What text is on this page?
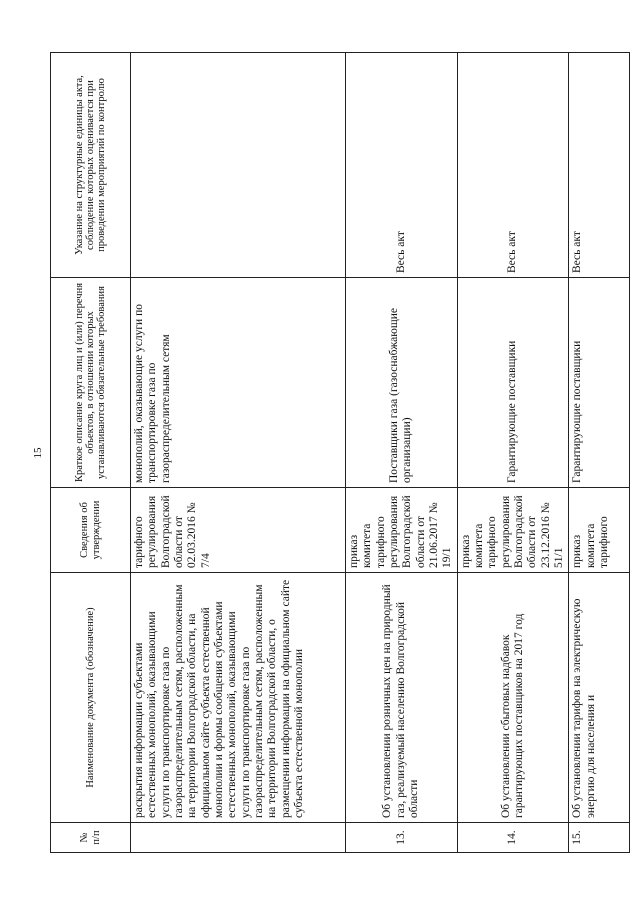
15
№ п/п	Наименование документа (обозначение)	Сведения об утверждении	Краткое описание круга лиц и (или) перечня объектов, в отношении которых устанавливаются обязательные требования	Указание на структурные единицы акта, соблюдение которых оценивается при проведении мероприятий по контролю
	раскрытия информации субъектами естественных монополий, оказывающими услуги по транспортировке газа по газораспределительным сетям, расположенным на территории Волгоградской области, на официальном сайте субъекта естественной монополии и формы сообщения субъектами естественных монополий, оказывающими услуги по транспортировке газа по газораспределительным сетям, расположенным на территории Волгоградской области, о размещении информации на официальном сайте субъекта естественной монополии	тарифного регулирования Волгоградской области от 02.03.2016 № 7/4	монополий, оказывающие услуги по транспортировке газа по газораспределительным сетям	
13.	Об установлении розничных цен на природный газ, реализуемый населению Волгоградской области	приказ комитета тарифного регулирования Волгоградской области от 21.06.2017 № 19/1	Поставщики газа (газоснабжающие организации)	Весь акт
14.	Об установлении сбытовых надбавок гарантирующих поставщиков на 2017 год	приказ комитета тарифного регулирования Волгоградской области от 23.12.2016 № 51/1	Гарантирующие поставщики	Весь акт
15.	Об установлении тарифов на электрическую энергию для населения и	приказ комитета тарифного	Гарантирующие поставщики	Весь акт
